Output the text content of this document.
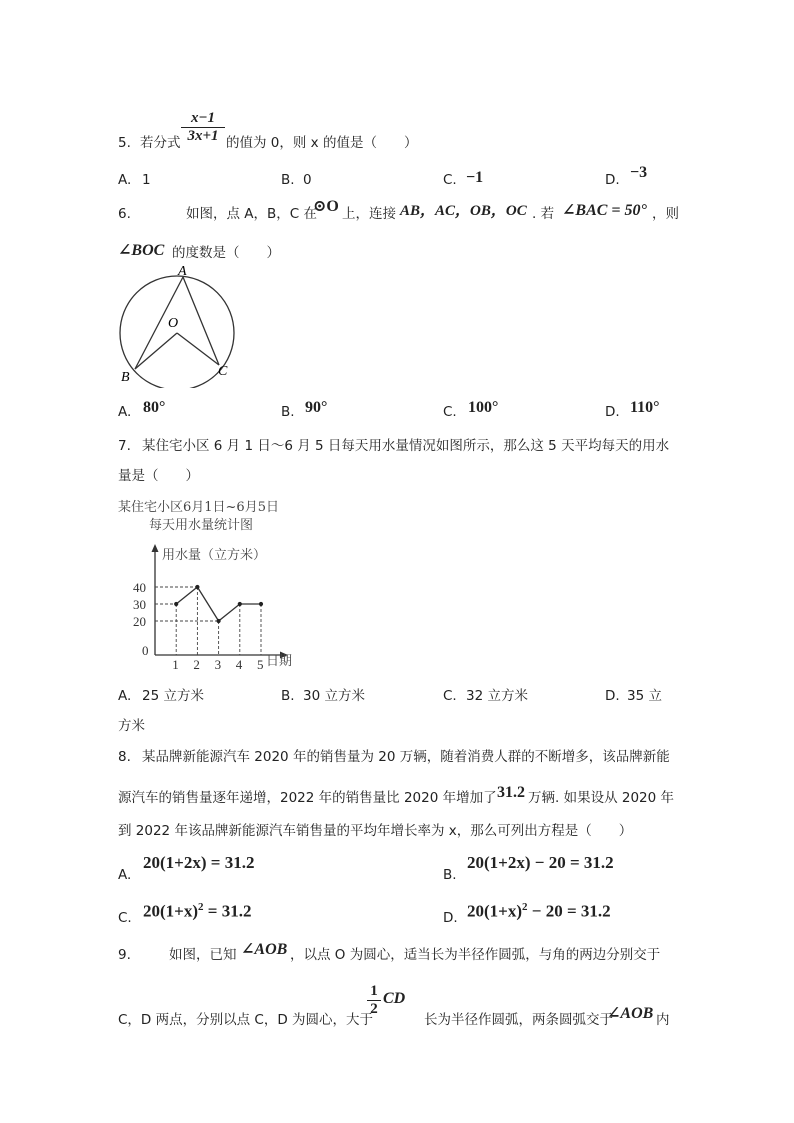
$\frac{x-1}{3x+1}$
5. 若分式	的值为 0，则 x 的值是（　　）
A. 1	B. 0	C. −1	D. −3
6.	如图，点 A，B，C 在
⊙O 上，连接 AB，AC，OB，OC . 若 ∠BAC = 50° ，则
∠BOC 的度数是（　　）
A
O
B	C
A. 80°	B. 90°	C. 100°	D. 110°
7. 某住宅小区 6 月 1 日～6 月 5 日每天用水量情况如图所示，那么这 5 天平均每天的用水
量是（　　）
某住宅小区6月1日~6月5日
每天用水量统计图
用水量（立方米）
日期
0
20
30
40
1 2 3 4 5
A. 25 立方米	B. 30 立方米	C. 32 立方米	D. 35 立
方米
8. 某品牌新能源汽车 2020 年的销售量为 20 万辆，随着消费人群的不断增多，该品牌新能
源汽车的销售量逐年递增，2022 年的销售量比 2020 年增加了 31.2 万辆. 如果设从 2020 年
到 2022 年该品牌新能源汽车销售量的平均年增长率为 x，那么可列出方程是（　　）
A.
20(1+2x) = 31.2
B.
20(1+2x) − 20 = 31.2
C. $20(1+x)^2 = 31.2$	D. $20(1+x)^2 - 20 = 31.2$
9.	如图，已知 ∠AOB ，以点 O 为圆心，适当长为半径作圆弧，与角的两边分别交于
C，D 两点，分别以点 C，D 为圆心，大于
$\frac{1}{2}$ CD
长为半径作圆弧，两条圆弧交于
∠AOB 内
